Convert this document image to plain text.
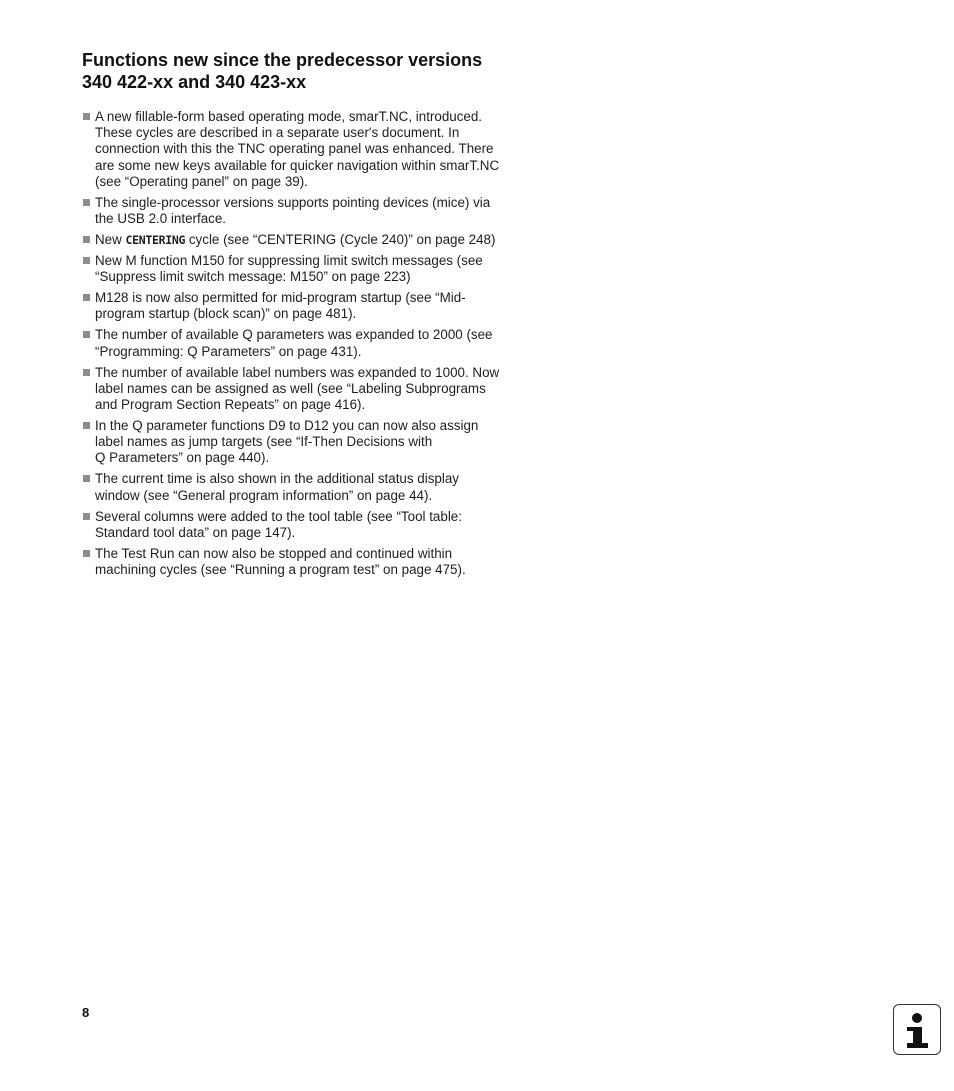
Functions new since the predecessor versions
340 422-xx and 340 423-xx
A new fillable-form based operating mode, smarT.NC, introduced.
These cycles are described in a separate user's document. In
connection with this the TNC operating panel was enhanced. There
are some new keys available for quicker navigation within smarT.NC
(see “Operating panel” on page 39).
The single-processor versions supports pointing devices (mice) via
the USB 2.0 interface.
New CENTERING cycle (see “CENTERING (Cycle 240)” on page 248)
New M function M150 for suppressing limit switch messages (see
“Suppress limit switch message: M150” on page 223)
M128 is now also permitted for mid-program startup (see “Mid-
program startup (block scan)” on page 481).
The number of available Q parameters was expanded to 2000 (see
“Programming: Q Parameters” on page 431).
The number of available label numbers was expanded to 1000. Now
label names can be assigned as well (see “Labeling Subprograms
and Program Section Repeats” on page 416).
In the Q parameter functions D9 to D12 you can now also assign
label names as jump targets (see “If-Then Decisions with
Q Parameters” on page 440).
The current time is also shown in the additional status display
window (see “General program information” on page 44).
Several columns were added to the tool table (see “Tool table:
Standard tool data” on page 147).
The Test Run can now also be stopped and continued within
machining cycles (see “Running a program test” on page 475).
8
